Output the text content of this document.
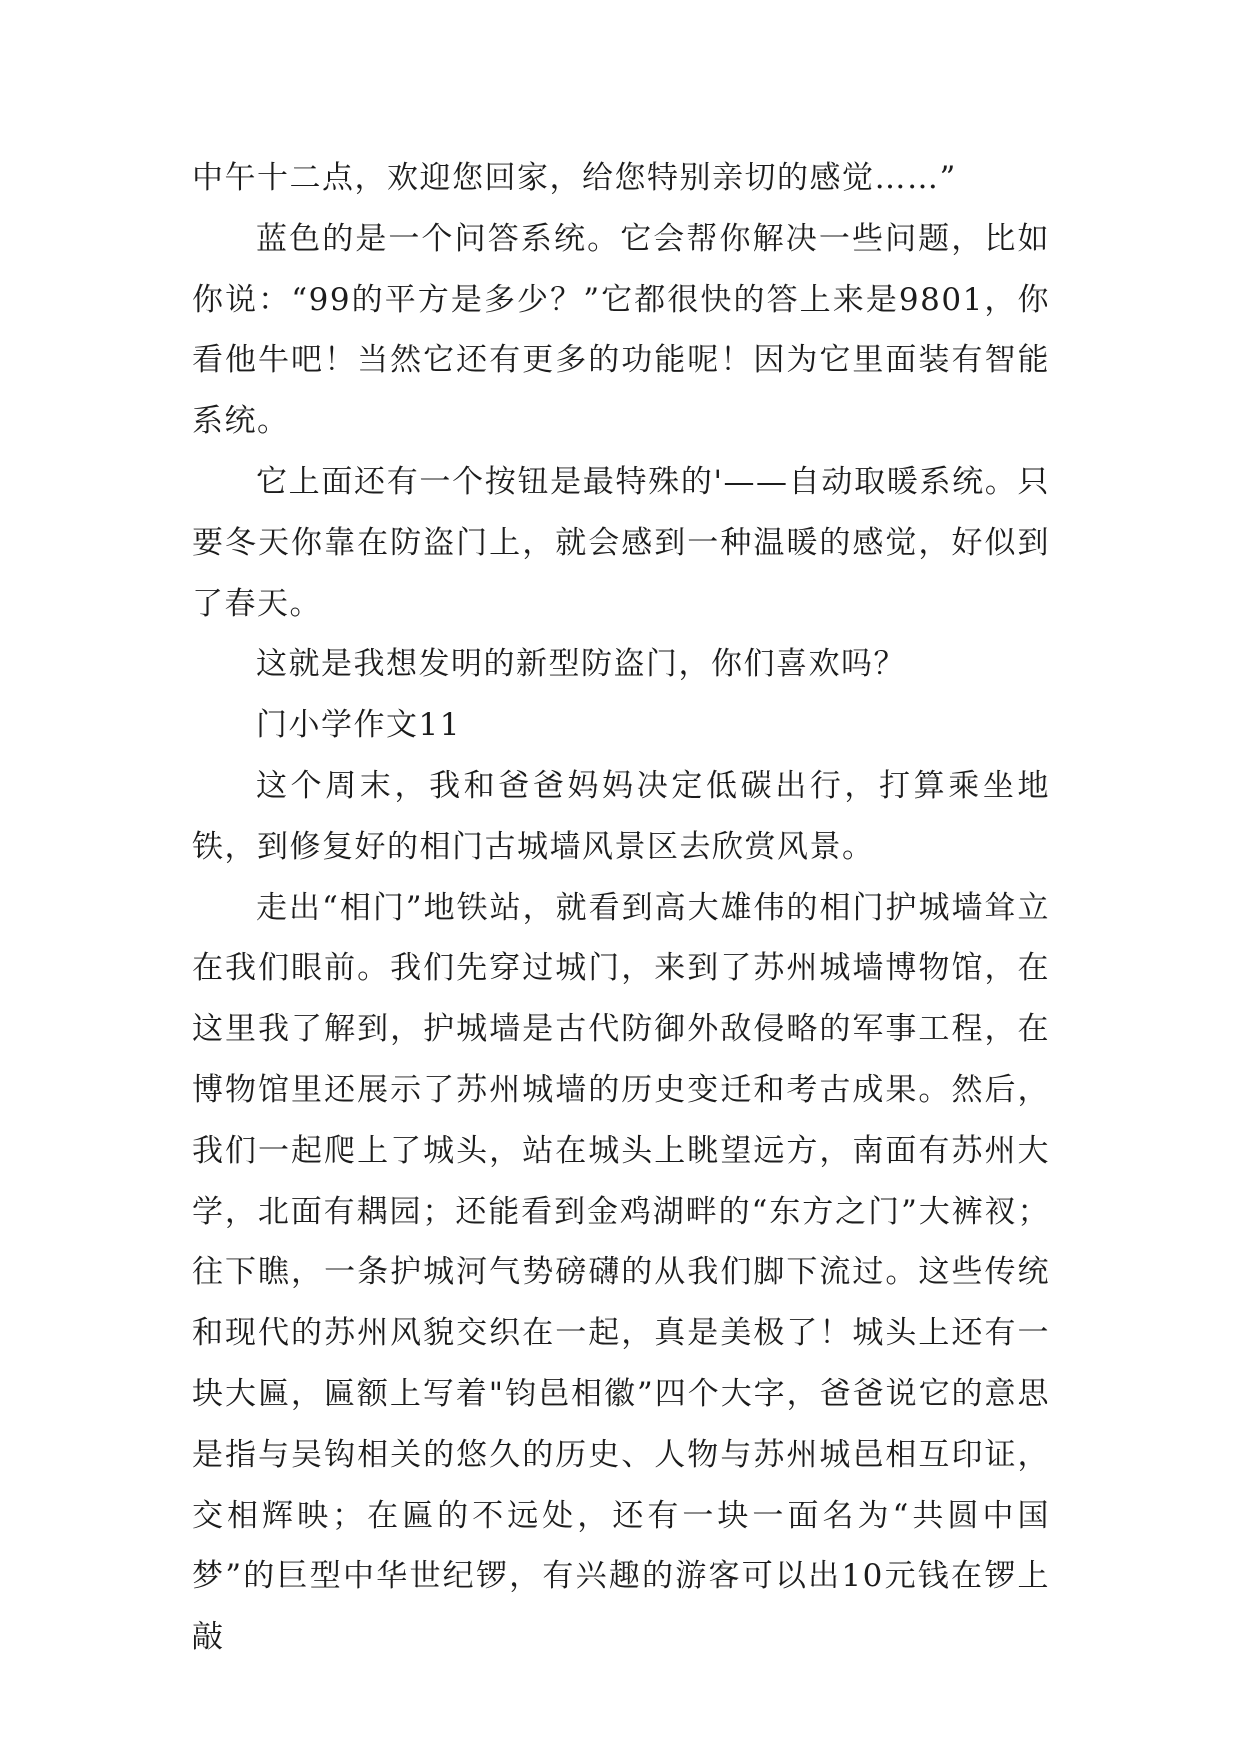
中午十二点，欢迎您回家，给您特别亲切的感觉……”

蓝色的是一个问答系统。它会帮你解决一些问题，比如你说：“99的平方是多少？”它都很快的答上来是9801，你看他牛吧！当然它还有更多的功能呢！因为它里面装有智能系统。

它上面还有一个按钮是最特殊的'——自动取暖系统。只要冬天你靠在防盗门上，就会感到一种温暖的感觉，好似到了春天。

这就是我想发明的新型防盗门，你们喜欢吗？

门小学作文11

这个周末，我和爸爸妈妈决定低碳出行，打算乘坐地铁，到修复好的相门古城墙风景区去欣赏风景。

走出“相门”地铁站，就看到高大雄伟的相门护城墙耸立在我们眼前。我们先穿过城门，来到了苏州城墙博物馆，在这里我了解到，护城墙是古代防御外敌侵略的军事工程，在博物馆里还展示了苏州城墙的历史变迁和考古成果。然后，我们一起爬上了城头，站在城头上眺望远方，南面有苏州大学，北面有耦园；还能看到金鸡湖畔的“东方之门”大裤衩；往下瞧，一条护城河气势磅礴的从我们脚下流过。这些传统和现代的苏州风貌交织在一起，真是美极了！城头上还有一块大匾，匾额上写着"钧邑相徽”四个大字，爸爸说它的意思是指与吴钩相关的悠久的历史、人物与苏州城邑相互印证，交相辉映；在匾的不远处，还有一块一面名为“共圆中国梦”的巨型中华世纪锣，有兴趣的游客可以出10元钱在锣上敲
